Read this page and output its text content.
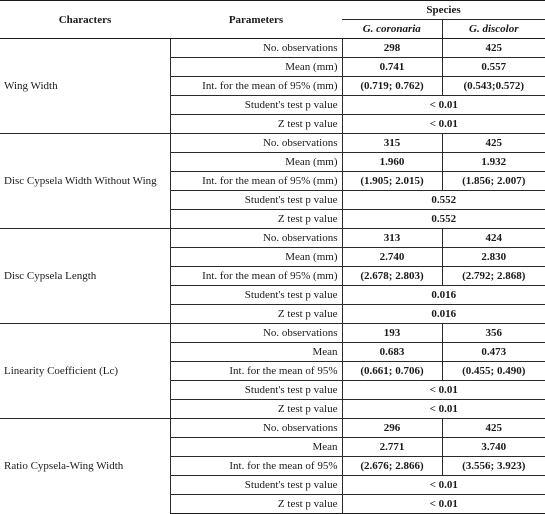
Characters	Parameters	Species	
		G. coronaria	G. discolor
Wing Width	No. observations	298	425
	Mean (mm)	0.741	0.557
	Int. for the mean of 95% (mm)	(0.719; 0.762)	(0.543;0.572)
	Student's test p value	< 0.01	
	Z test p value	< 0.01	
Disc Cypsela Width Without Wing	No. observations	315	425
	Mean (mm)	1.960	1.932
	Int. for the mean of 95% (mm)	(1.905; 2.015)	(1.856; 2.007)
	Student's test p value	0.552	
	Z test p value	0.552	
Disc Cypsela Length	No. observations	313	424
	Mean (mm)	2.740	2.830
	Int. for the mean of 95% (mm)	(2.678; 2.803)	(2.792; 2.868)
	Student's test p value	0.016	
	Z test p value	0.016	
Linearity Coefficient (Lc)	No. observations	193	356
	Mean	0.683	0.473
	Int. for the mean of 95%	(0.661; 0.706)	(0.455; 0.490)
	Student's test p value	< 0.01	
	Z test p value	< 0.01	
Ratio Cypsela-Wing Width	No. observations	296	425
	Mean	2.771	3.740
	Int. for the mean of 95%	(2.676; 2.866)	(3.556; 3.923)
	Student's test p value	< 0.01	
	Z test p value	< 0.01	
